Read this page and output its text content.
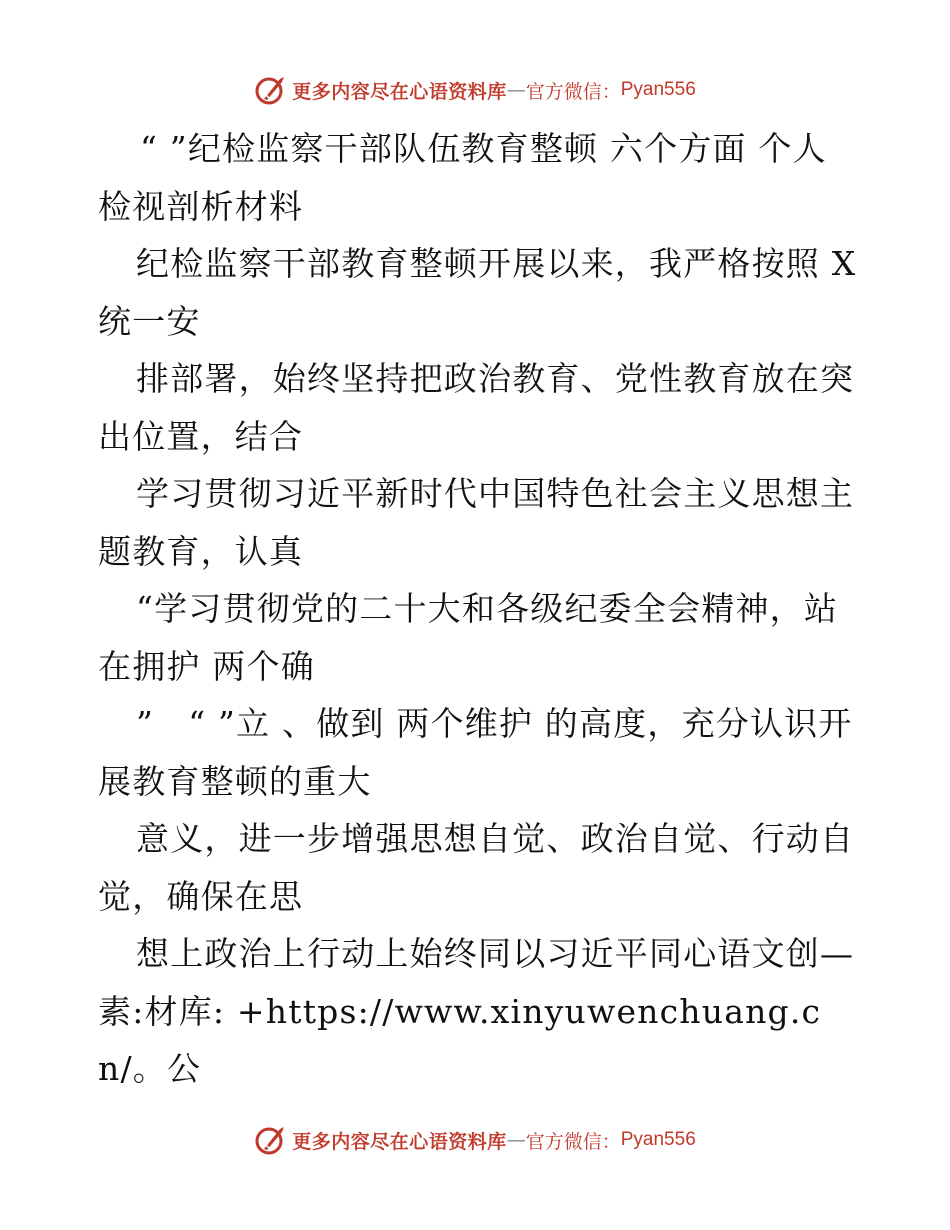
更多内容尽在心语资料库 — 官方微信： Pyan556

“ ”纪检监察干部队伍教育整顿 六个方面 个人检视剖析材料

纪检监察干部教育整顿开展以来，我严格按照 X 统一安

排部署，始终坚持把政治教育、党性教育放在突出位置，结合

学习贯彻习近平新时代中国特色社会主义思想主题教育，认真

“学习贯彻党的二十大和各级纪委全会精神，站在拥护 两个确

”　“ ”立 、做到 两个维护 的高度，充分认识开展教育整顿的重大

意义，进一步增强思想自觉、政治自觉、行动自觉，确保在思

想上政治上行动上始终同以习近平同心语文创—素:材库: +https://www.xinyuwenchuang.cn/。公

更多内容尽在心语资料库 — 官方微信： Pyan556
